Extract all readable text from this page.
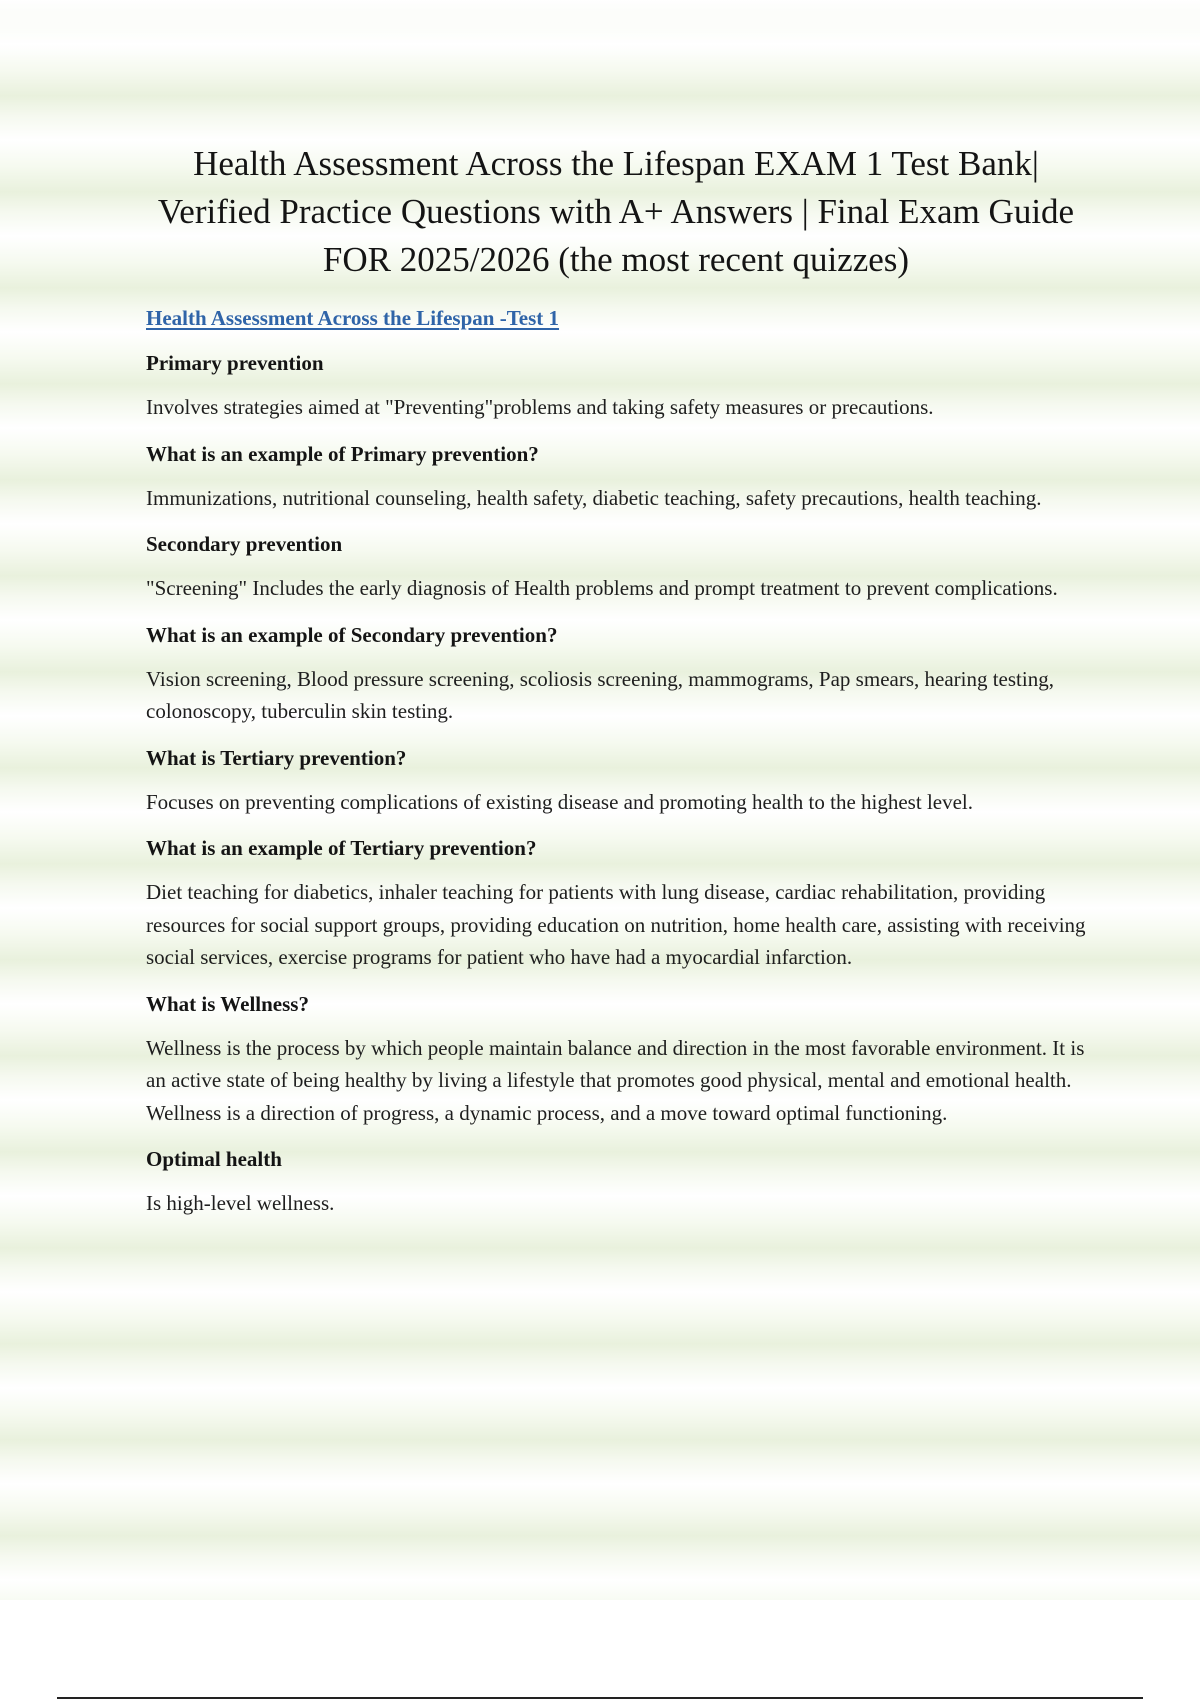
Health Assessment Across the Lifespan EXAM 1 Test Bank| Verified Practice Questions with A+ Answers | Final Exam Guide FOR 2025/2026 (the most recent quizzes)
Health Assessment Across the Lifespan -Test 1

Primary prevention

Involves strategies aimed at "Preventing"problems and taking safety measures or precautions.

What is an example of Primary prevention?

Immunizations, nutritional counseling, health safety, diabetic teaching, safety precautions, health teaching.

Secondary prevention

"Screening" Includes the early diagnosis of Health problems and prompt treatment to prevent complications.

What is an example of Secondary prevention?

Vision screening, Blood pressure screening, scoliosis screening, mammograms, Pap smears, hearing testing, colonoscopy, tuberculin skin testing.

What is Tertiary prevention?

Focuses on preventing complications of existing disease and promoting health to the highest level.

What is an example of Tertiary prevention?

Diet teaching for diabetics, inhaler teaching for patients with lung disease, cardiac rehabilitation, providing resources for social support groups, providing education on nutrition, home health care, assisting with receiving social services, exercise programs for patient who have had a myocardial infarction.

What is Wellness?

Wellness is the process by which people maintain balance and direction in the most favorable environment. It is an active state of being healthy by living a lifestyle that promotes good physical, mental and emotional health. Wellness is a direction of progress, a dynamic process, and a move toward optimal functioning.

Optimal health

Is high-level wellness.
